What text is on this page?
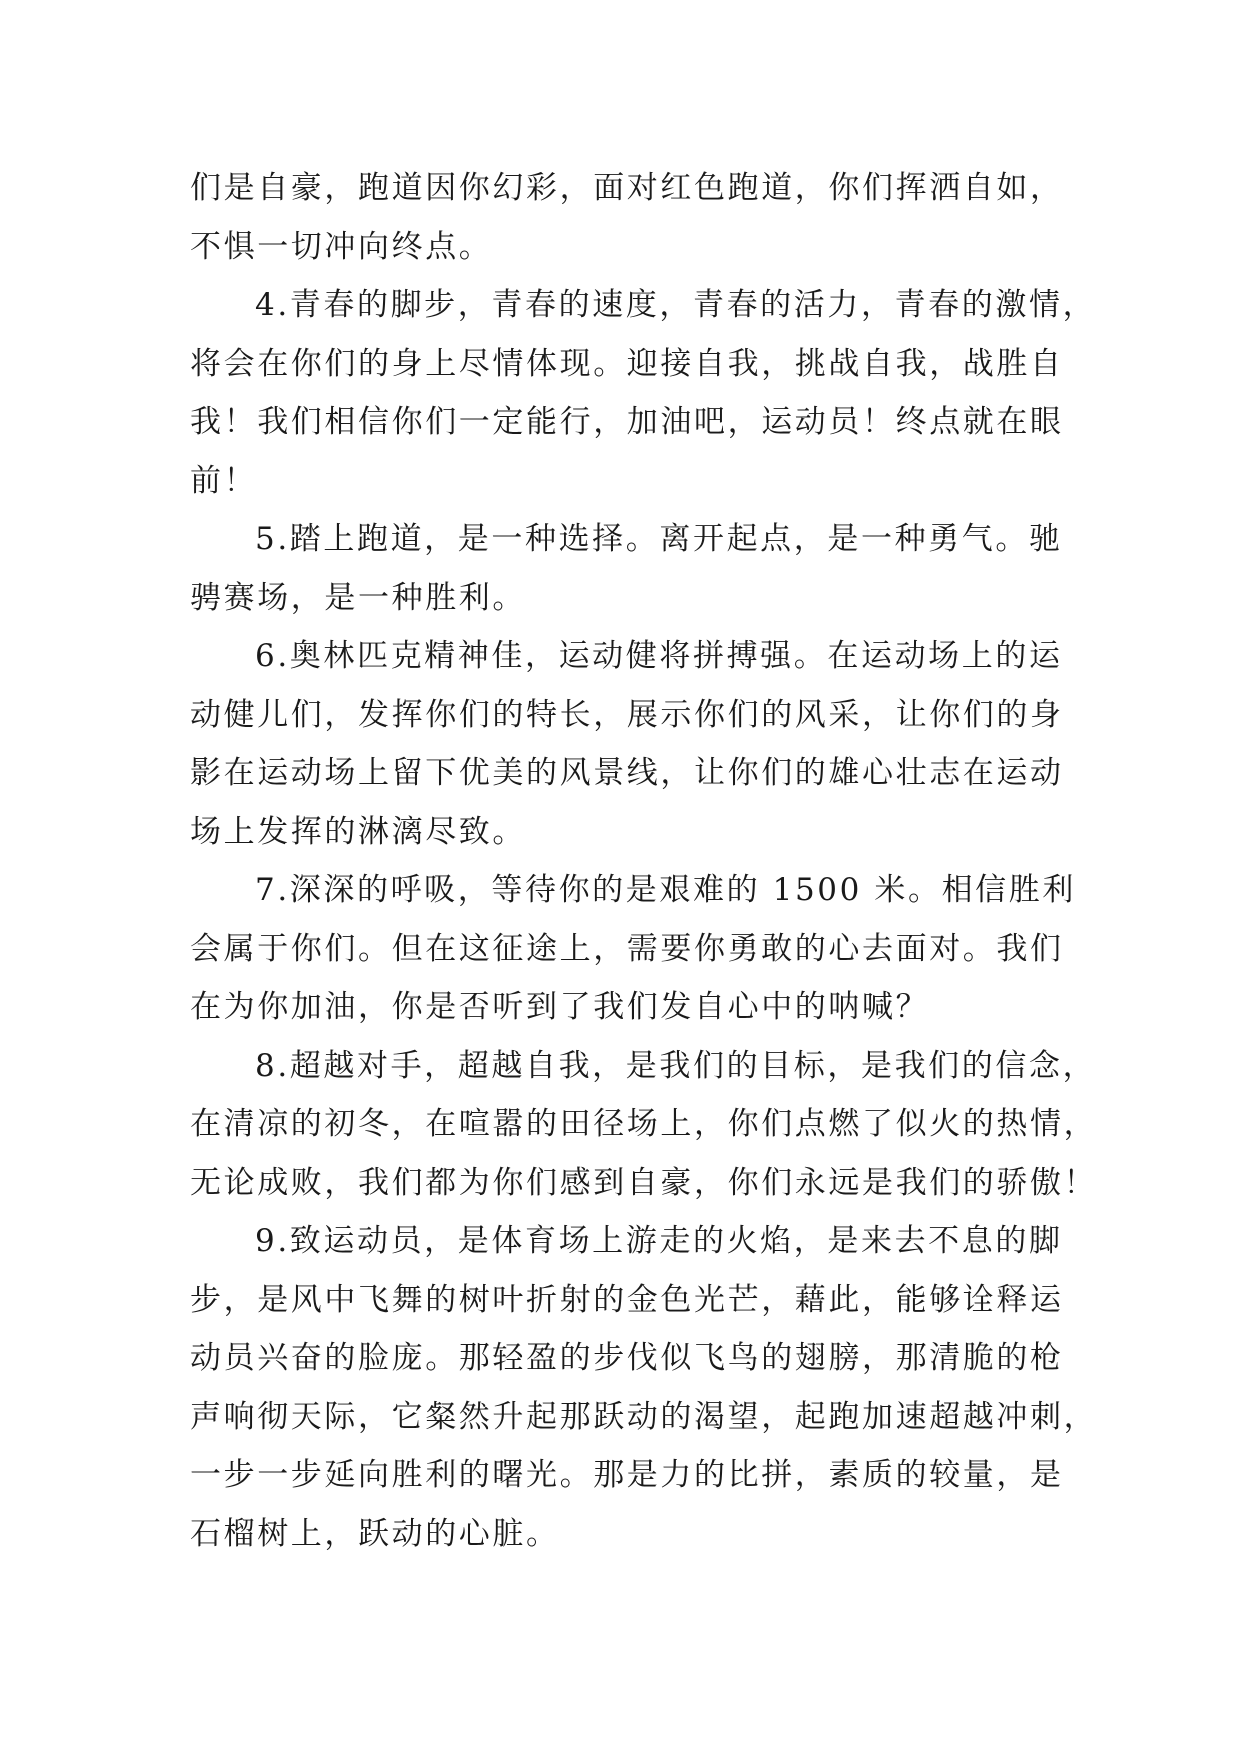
们是自豪，跑道因你幻彩，面对红色跑道，你们挥洒自如，
不惧一切冲向终点。
4.青春的脚步，青春的速度，青春的活力，青春的激情，
将会在你们的身上尽情体现。迎接自我，挑战自我，战胜自
我！我们相信你们一定能行，加油吧，运动员！终点就在眼
前！
5.踏上跑道，是一种选择。离开起点，是一种勇气。驰
骋赛场，是一种胜利。
6.奥林匹克精神佳，运动健将拼搏强。在运动场上的运
动健儿们，发挥你们的特长，展示你们的风采，让你们的身
影在运动场上留下优美的风景线，让你们的雄心壮志在运动
场上发挥的淋漓尽致。
7.深深的呼吸，等待你的是艰难的 1500 米。相信胜利
会属于你们。但在这征途上，需要你勇敢的心去面对。我们
在为你加油，你是否听到了我们发自心中的呐喊？
8.超越对手，超越自我，是我们的目标，是我们的信念，
在清凉的初冬，在喧嚣的田径场上，你们点燃了似火的热情，
无论成败，我们都为你们感到自豪，你们永远是我们的骄傲！
9.致运动员，是体育场上游走的火焰，是来去不息的脚
步，是风中飞舞的树叶折射的金色光芒，藉此，能够诠释运
动员兴奋的脸庞。那轻盈的步伐似飞鸟的翅膀，那清脆的枪
声响彻天际，它粲然升起那跃动的渴望，起跑加速超越冲刺，
一步一步延向胜利的曙光。那是力的比拼，素质的较量，是
石榴树上，跃动的心脏。
